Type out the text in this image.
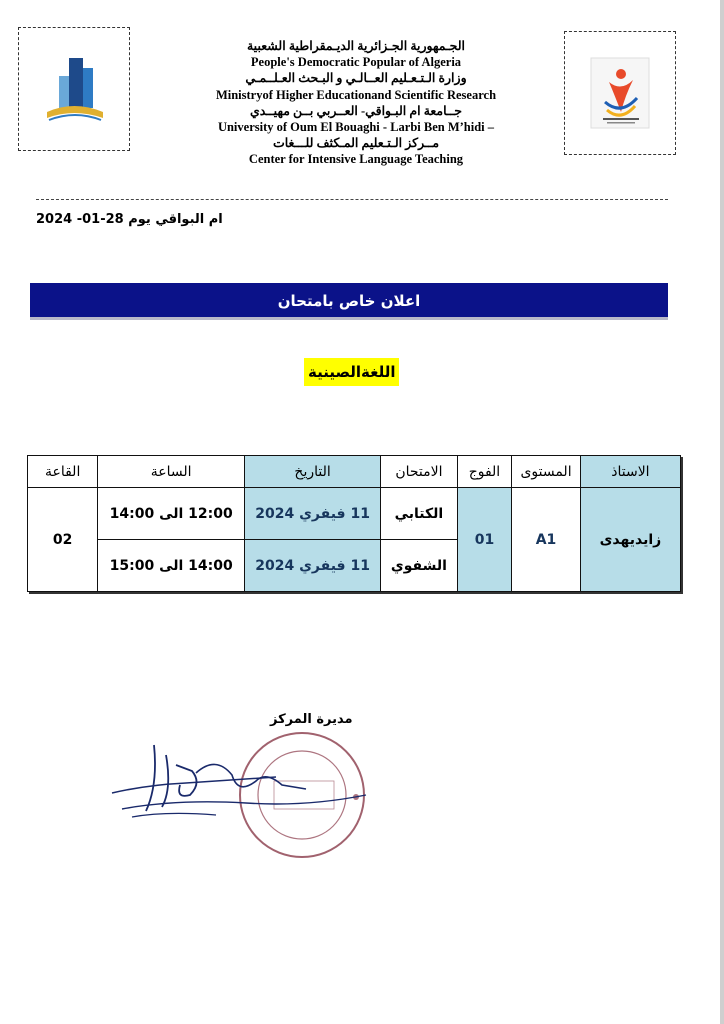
الجـمهورية الجـزائرية الديـمقراطية الشعبية
People's Democratic Popular of Algeria
وزارة الـتـعـليم العــالـي و البـحث العـلــمـي
Ministryof Higher Educationand Scientific Research
جــامعة ام البـواقي- العــربي بــن مهيــدي
University of Oum El Bouaghi - Larbi Ben M’hidi –
مــركز الـتـعليم المـكثف للـــغات
Center for Intensive Language Teaching
ام البواقي يوم 28-01- 2024
اعلان خاص بامتحان
اللغةالصينية
الاستاذ	المستوى	الفوج	الامتحان	التاريخ	الساعة	القاعة
زايديهدى	A1	01	الكتابي	11 فيفري 2024	12:00 الى 14:00	02
			الشفوي	11 فيفري 2024	14:00 الى 15:00	
مديرة المركز
